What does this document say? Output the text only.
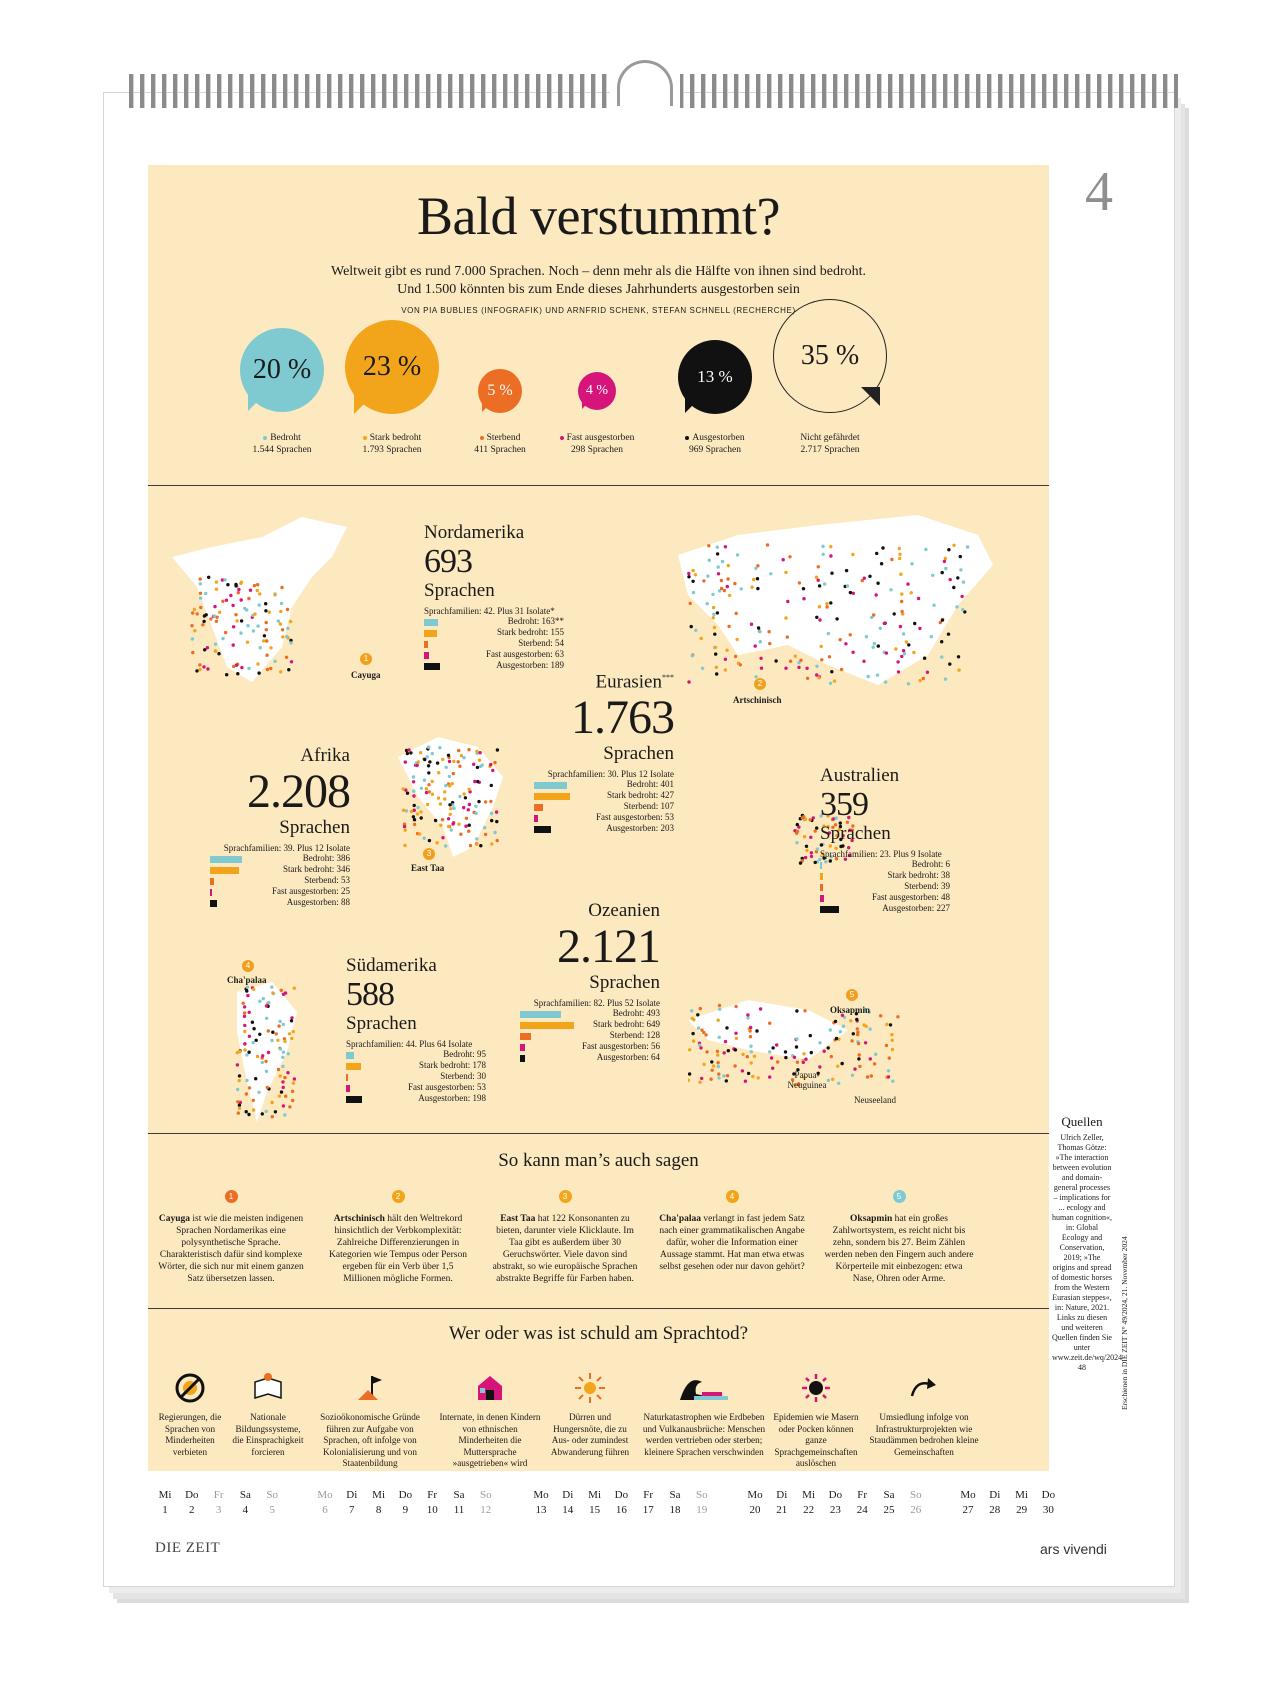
4
Bald verstummt?
Weltweit gibt es rund 7.000 Sprachen. Noch – denn mehr als die Hälfte von ihnen sind bedroht.
Und 1.500 könnten bis zum Ende dieses Jahrhunderts ausgestorben sein
VON PIA BUBLIES (INFOGRAFIK) UND ARNFRID SCHENK, STEFAN SCHNELL (RECHERCHE)
20 %
Bedroht
1.544 Sprachen
23 %
Stark bedroht
1.793 Sprachen
5 %
Sterbend
411 Sprachen
4 %
Fast ausgestorben
298 Sprachen
13 %
Ausgestorben
969 Sprachen
35 %
Nicht gefährdet
2.717 Sprachen
1
Cayuga
2
Artschinisch
3
East Taa
4
Cha'palaa
5
Oksapmin
Papua-
Neuguinea
Neuseeland
Nordamerika
693
Sprachen
Sprachfamilien: 42. Plus 31 Isolate*
Bedroht: 163**
Stark bedroht: 155
Sterbend: 54
Fast ausgestorben: 63
Ausgestorben: 189
Eurasien***
1.763
Sprachen
Sprachfamilien: 30. Plus 12 Isolate
Bedroht: 401
Stark bedroht: 427
Sterbend: 107
Fast ausgestorben: 53
Ausgestorben: 203
Afrika
2.208
Sprachen
Sprachfamilien: 39. Plus 12 Isolate
Bedroht: 386
Stark bedroht: 346
Sterbend: 53
Fast ausgestorben: 25
Ausgestorben: 88
Australien
359
Sprachen
Sprachfamilien: 23. Plus 9 Isolate
Bedroht: 6
Stark bedroht: 38
Sterbend: 39
Fast ausgestorben: 48
Ausgestorben: 227
Ozeanien
2.121
Sprachen
Sprachfamilien: 82. Plus 52 Isolate
Bedroht: 493
Stark bedroht: 649
Sterbend: 128
Fast ausgestorben: 56
Ausgestorben: 64
Südamerika
588
Sprachen
Sprachfamilien: 44. Plus 64 Isolate
Bedroht: 95
Stark bedroht: 178
Sterbend: 30
Fast ausgestorben: 53
Ausgestorben: 198
So kann man’s auch sagen
1
Cayuga ist wie die meisten indigenen Sprachen Nordamerikas eine polysynthetische Sprache. Charakteristisch dafür sind komplexe Wörter, die sich nur mit einem ganzen Satz übersetzen lassen.
2
Artschinisch hält den Weltrekord hinsichtlich der Verbkomplexität: Zahlreiche Differenzierungen in Kategorien wie Tempus oder Person ergeben für ein Verb über 1,5 Millionen mögliche Formen.
3
East Taa hat 122 Konsonanten zu bieten, darunter viele Klicklaute. Im Taa gibt es außerdem über 30 Geruchswörter. Viele davon sind abstrakt, so wie europäische Sprachen abstrakte Begriffe für Farben haben.
4
Cha'palaa verlangt in fast jedem Satz nach einer grammatikalischen Angabe dafür, woher die Information einer Aussage stammt. Hat man etwa etwas selbst gesehen oder nur davon gehört?
5
Oksapmin hat ein großes Zahlwortsystem, es reicht nicht bis zehn, sondern bis 27. Beim Zählen werden neben den Fingern auch andere Körperteile mit einbezogen: etwa Nase, Ohren oder Arme.
Wer oder was ist schuld am Sprachtod?
Regierungen, die Sprachen von Minderheiten verbieten
Nationale Bildungssysteme, die Einsprachigkeit forcieren
Sozioökonomische Gründe führen zur Aufgabe von Sprachen, oft infolge von Kolonialisierung und von Staatenbildung
Internate, in denen Kindern von ethnischen Minderheiten die Muttersprache »ausgetrieben« wird
Dürren und Hungersnöte, die zu Aus- oder zumindest Abwanderung führen
Naturkatastrophen wie Erdbeben und Vulkanausbrüche: Menschen werden vertrieben oder sterben; kleinere Sprachen verschwinden
Epidemien wie Masern oder Pocken können ganze Sprachgemeinschaften auslöschen
Umsiedlung infolge von Infrastrukturprojekten wie Staudämmen bedrohen kleine Gemeinschaften
Quellen
Ulrich Zeller, Thomas Götze: »The interaction between evolution and domain-general processes – implications for ... ecology and human cognition«, in: Global Ecology and Conservation, 2019; »The origins and spread of domestic horses from the Western Eurasian steppes«, in: Nature, 2021. Links zu diesen und weiteren Quellen finden Sie unter www.zeit.de/wq/2024-48	Erschienen in DIE ZEIT N° 49/2024, 21. November 2024
Mi
1
Do
2
Fr
3
Sa
4
So
5
Mo
6
Di
7
Mi
8
Do
9
Fr
10
Sa
11
So
12
Mo
13
Di
14
Mi
15
Do
16
Fr
17
Sa
18
So
19
Mo
20
Di
21
Mi
22
Do
23
Fr
24
Sa
25
So
26
Mo
27
Di
28
Mi
29
Do
30
DIE ZEIT	ars vivendi
